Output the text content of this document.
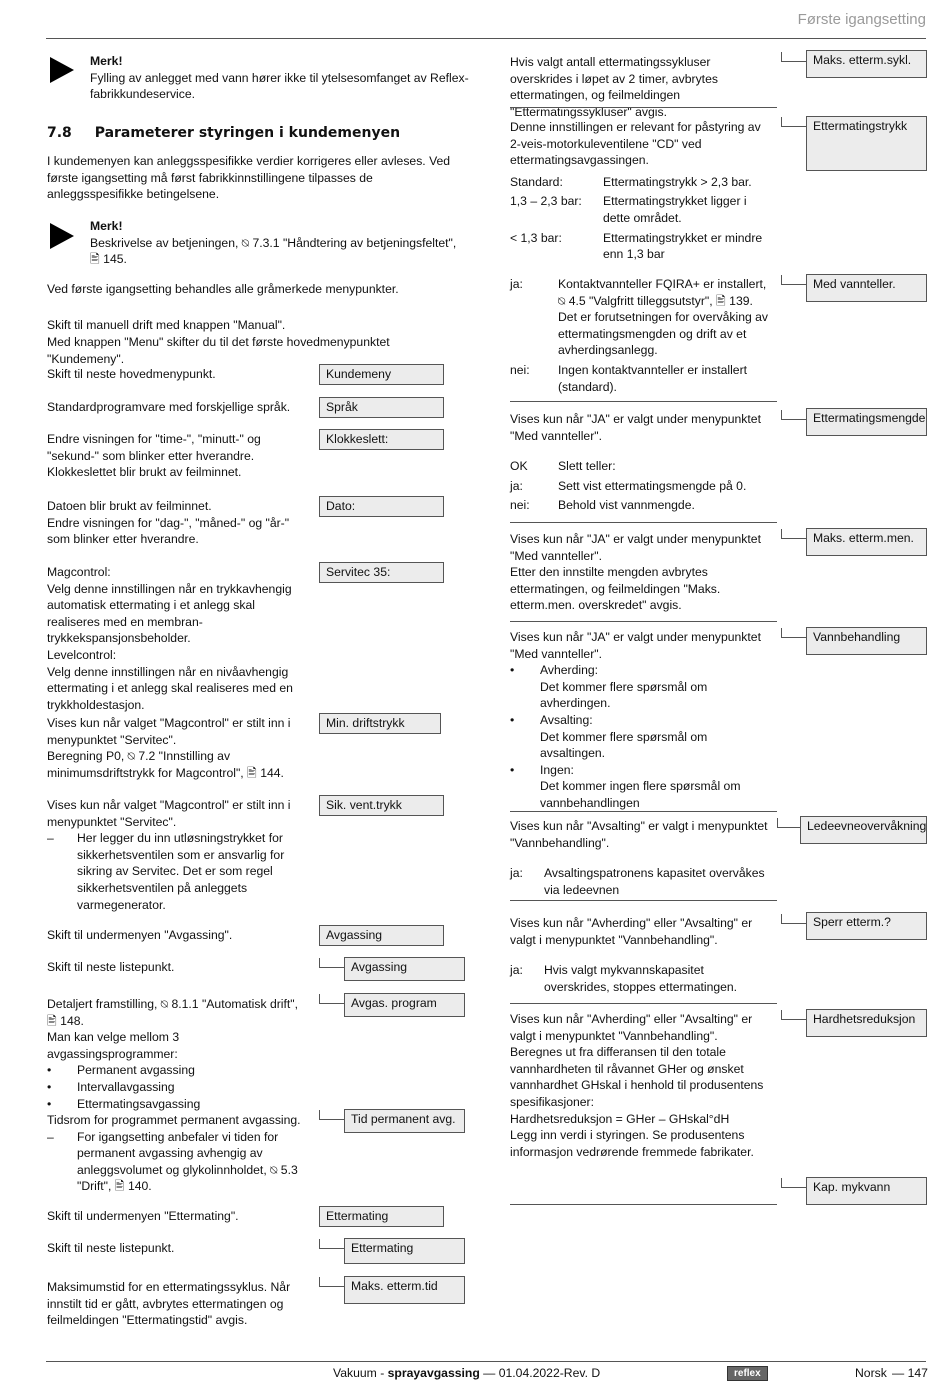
Første igangsetting
Merk!
Fylling av anlegget med vann hører ikke til ytelsesomfanget av Reflex-fabrikkundeservice.
7.8 Parameterer styringen i kundemenyen
I kundemenyen kan anleggsspesifikke verdier korrigeres eller avleses. Ved første igangsetting må først fabrikkinnstillingene tilpasses de anleggsspesifikke betingelsene.
Merk!
Beskrivelse av betjeningen, ⍉ 7.3.1 "Håndtering av betjeningsfeltet", 🖹 145.
Ved første igangsetting behandles alle gråmerkede menypunkter.
Skift til manuell drift med knappen "Manual".
Med knappen "Menu" skifter du til det første hovedmenypunktet "Kundemeny".
Skift til neste hovedmenypunkt.	Kundemeny
Standardprogramvare med forskjellige språk.	Språk
Endre visningen for "time-", "minutt-" og "sekund-" som blinker etter hverandre.
Klokkeslettet blir brukt av feilminnet.
Klokkeslett:
Datoen blir brukt av feilminnet.
Endre visningen for "dag-", "måned-" og "år-" som blinker etter hverandre.
Dato:
Magcontrol:
Velg denne innstillingen når en trykkavhengig automatisk ettermating i et anlegg skal realiseres med en membran-trykkekspansjonsbeholder.
Levelcontrol:
Velg denne innstillingen når en nivåavhengig ettermating i et anlegg skal realiseres med en trykkholdestasjon.
Servitec 35:
Vises kun når valget "Magcontrol" er stilt inn i menypunktet "Servitec".
Beregning P0, ⍉ 7.2 "Innstilling av minimumsdriftstrykk for Magcontrol", 🖹 144.
Min. driftstrykk
Vises kun når valget "Magcontrol" er stilt inn i menypunktet "Servitec".
– Her legger du inn utløsningstrykket for sikkerhetsventilen som er ansvarlig for sikring av Servitec. Det er som regel sikkerhetsventilen på anleggets varmegenerator.
Sik. vent.trykk
Skift til undermenyen "Avgassing".	Avgassing
Skift til neste listepunkt.	Avgassing
Detaljert framstilling, ⍉ 8.1.1 "Automatisk drift", 🖹 148.
Man kan velge mellom 3 avgassingsprogrammer:
• Permanent avgassing
• Intervallavgassing
• Ettermatingsavgassing
Avgas. program
Tidsrom for programmet permanent avgassing.
– For igangsetting anbefaler vi tiden for permanent avgassing avhengig av anleggsvolumet og glykolinnholdet, ⍉ 5.3 "Drift", 🖹 140.
Tid permanent avg.
Skift til undermenyen "Ettermating".	Ettermating
Skift til neste listepunkt.	Ettermating
Maksimumstid for en ettermatingssyklus. Når innstilt tid er gått, avbrytes ettermatingen og feilmeldingen "Ettermatingstid" avgis.
Maks. etterm.tid
Hvis valgt antall ettermatingssykluser overskrides i løpet av 2 timer, avbrytes ettermatingen, og feilmeldingen "Ettermatingssykluser" avgis.
Maks. etterm.sykl.
Denne innstillingen er relevant for påstyring av 2-veis-motorkuleventilene "CD" ved ettermatingsavgassingen.
Standard:	Ettermatingstrykk > 2,3 bar.
1,3 – 2,3 bar:	Ettermatingstrykket ligger i dette området.
< 1,3 bar:	Ettermatingstrykket er mindre enn 1,3 bar
Ettermatingstrykk
ja:	Kontaktvannteller FQIRA+ er installert, ⍉ 4.5 "Valgfritt tilleggsutstyr", 🖹 139. Det er forutsetningen for overvåking av ettermatingsmengden og drift av et avherdingsanlegg.
nei:	Ingen kontaktvannteller er installert (standard).
Med vannteller.
Vises kun når "JA" er valgt under menypunktet "Med vannteller".
OK	Slett teller:
ja:	Sett vist ettermatingsmengde på 0.
nei:	Behold vist vannmengde.
Ettermatingsmengde
Vises kun når "JA" er valgt under menypunktet "Med vannteller".
Etter den innstilte mengden avbrytes ettermatingen, og feilmeldingen "Maks. etterm.men. overskredet" avgis.
Maks. etterm.men.
Vises kun når "JA" er valgt under menypunktet "Med vannteller".
• Avherding:
Det kommer flere spørsmål om avherdingen.
• Avsalting:
Det kommer flere spørsmål om avsaltingen.
• Ingen:
Det kommer ingen flere spørsmål om vannbehandlingen
Vannbehandling
Vises kun når "Avsalting" er valgt i menypunktet "Vannbehandling".
ja:	Avsaltingspatronens kapasitet overvåkes via ledeevnen
Ledeevneovervåkning
Vises kun når "Avherding" eller "Avsalting" er valgt i menypunktet "Vannbehandling".
ja:	Hvis valgt mykvannskapasitet overskrides, stoppes ettermatingen.
Sperr etterm.?
Vises kun når "Avherding" eller "Avsalting" er valgt i menypunktet "Vannbehandling".
Beregnes ut fra differansen til den totale vannhardheten til råvannet GHer og ønsket vannhardhet GHskal i henhold til produsentens spesifikasjoner:
Hardhetsreduksjon = GHer – GHskal°dH
Legg inn verdi i styringen. Se produsentens informasjon vedrørende fremmede fabrikater.
Hardhetsreduksjon
Kap. mykvann
Vakuum - sprayavgassing — 01.04.2022-Rev. D	reflex	Norsk — 147
